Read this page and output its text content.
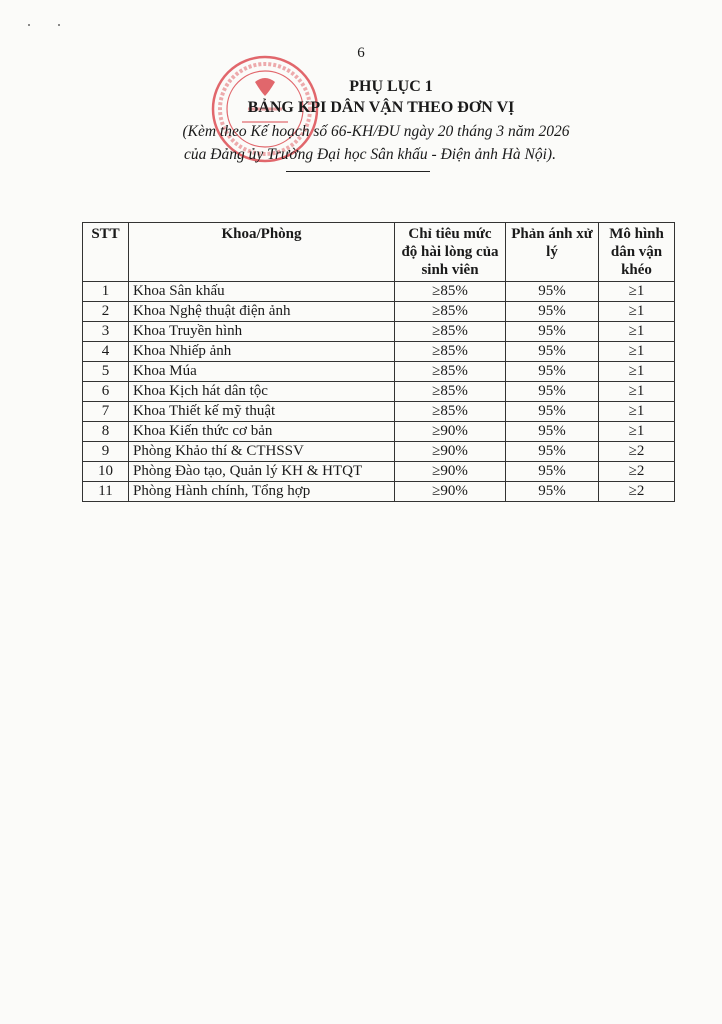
6
PHỤ LỤC 1
BẢNG KPI DÂN VẬN THEO ĐƠN VỊ
(Kèm theo Kế hoạch số 66-KH/ĐU ngày 20 tháng 3 năm 2026
của Đảng ủy Trường Đại học Sân khấu - Điện ảnh Hà Nội).
STT	Khoa/Phòng	Chỉ tiêu mức độ hài lòng của sinh viên	Phản ánh xử lý	Mô hình dân vận khéo
1	Khoa Sân khấu	≥85%	95%	≥1
2	Khoa Nghệ thuật điện ảnh	≥85%	95%	≥1
3	Khoa Truyền hình	≥85%	95%	≥1
4	Khoa Nhiếp ảnh	≥85%	95%	≥1
5	Khoa Múa	≥85%	95%	≥1
6	Khoa Kịch hát dân tộc	≥85%	95%	≥1
7	Khoa Thiết kế mỹ thuật	≥85%	95%	≥1
8	Khoa Kiến thức cơ bản	≥90%	95%	≥1
9	Phòng Khảo thí & CTHSSV	≥90%	95%	≥2
10	Phòng Đào tạo, Quản lý KH & HTQT	≥90%	95%	≥2
11	Phòng Hành chính, Tổng hợp	≥90%	95%	≥2
